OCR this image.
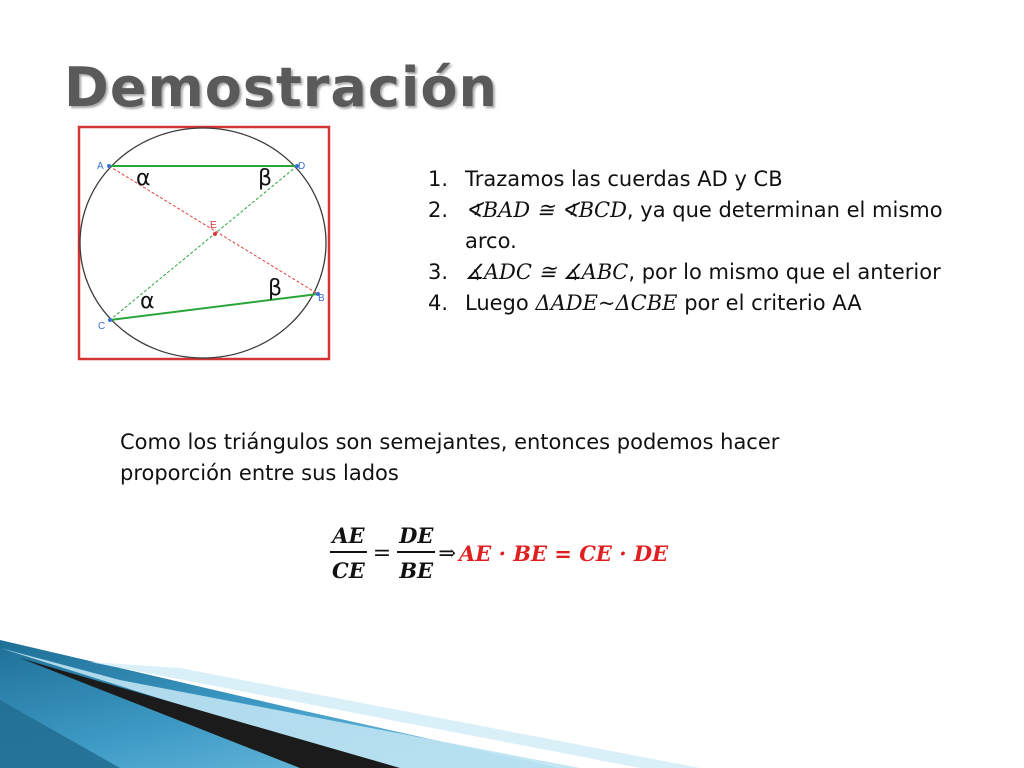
Demostración
A	D
B
C
E
α	β
α
β
1. Trazamos las cuerdas AD y CB
2. ∢𝐵𝐴𝐷 ≅ ∢𝐵𝐶𝐷, ya que determinan el mismo arco.
3. ∡𝐴𝐷𝐶 ≅ ∡𝐴𝐵𝐶, por lo mismo que el anterior
4. Luego Δ𝐴𝐷𝐸~Δ𝐶𝐵𝐸 por el criterio AA
Como los triángulos son semejantes, entonces podemos hacer proporción entre sus lados
$\frac{AE}{CE} = \frac{DE}{BE}$ ⇒ AE · BE = CE · DE
